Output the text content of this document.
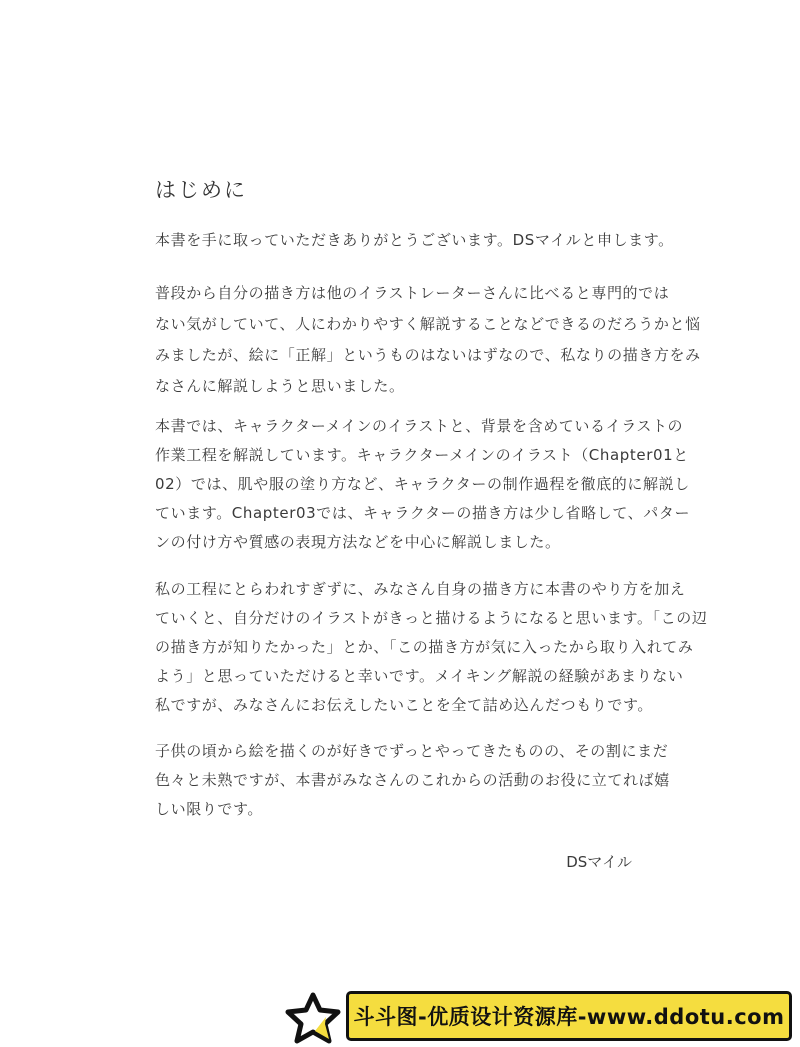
はじめに
本書を手に取っていただきありがとうございます。DSマイルと申します。
普段から自分の描き方は他のイラストレーターさんに比べると専門的では
ない気がしていて、人にわかりやすく解説することなどできるのだろうかと悩
みましたが、絵に「正解」というものはないはずなので、私なりの描き方をみ
なさんに解説しようと思いました。
本書では、キャラクターメインのイラストと、背景を含めているイラストの
作業工程を解説しています。キャラクターメインのイラスト（Chapter01と
02）では、肌や服の塗り方など、キャラクターの制作過程を徹底的に解説し
ています。Chapter03では、キャラクターの描き方は少し省略して、パター
ンの付け方や質感の表現方法などを中心に解説しました。
私の工程にとらわれすぎずに、みなさん自身の描き方に本書のやり方を加え
ていくと、自分だけのイラストがきっと描けるようになると思います。「この辺
の描き方が知りたかった」とか、「この描き方が気に入ったから取り入れてみ
よう」と思っていただけると幸いです。メイキング解説の経験があまりない
私ですが、みなさんにお伝えしたいことを全て詰め込んだつもりです。
子供の頃から絵を描くのが好きでずっとやってきたものの、その割にまだ
色々と未熟ですが、本書がみなさんのこれからの活動のお役に立てれば嬉
しい限りです。
DSマイル
斗斗图-优质设计资源库-www.ddotu.com
